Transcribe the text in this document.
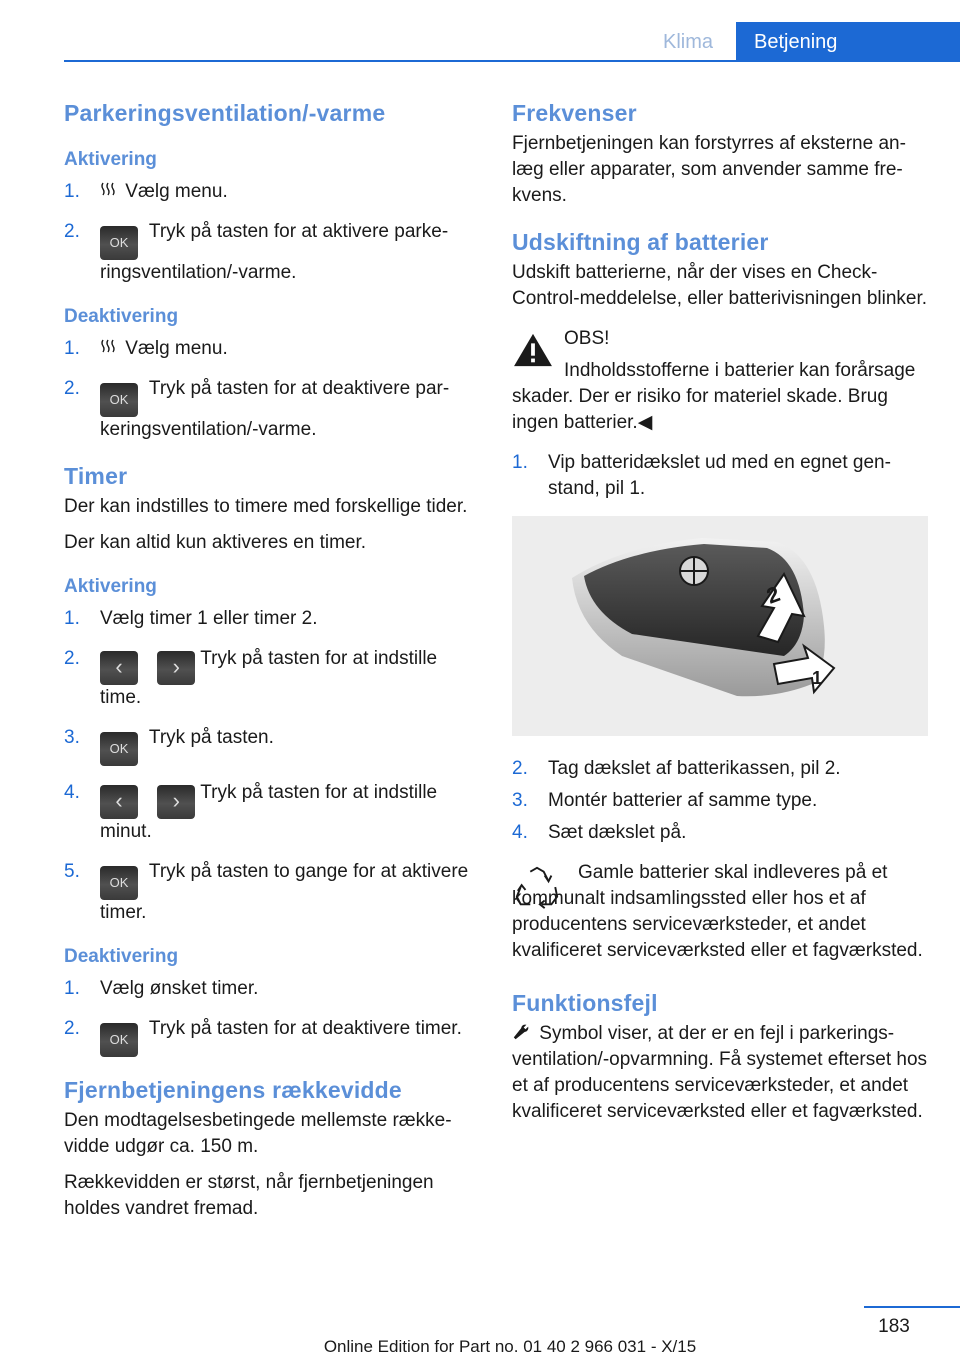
Klima	Betjening
Parkeringsventilation/-varme
Aktivering
1. Vælg menu.
2.
OK Tryk på tasten for at aktivere parkeringsventilation/-varme.
Deaktivering
1. Vælg menu.
2.
OK Tryk på tasten for at deaktivere parkeringsventilation/-varme.
Timer

Der kan indstilles to timere med forskellige tider.

Der kan altid kun aktiveres en timer.

Aktivering
1. Vælg timer 1 eller timer 2.
2. ‹ › Tryk på tasten for at indstille time.
3.
OK Tryk på tasten.
4. ‹ › Tryk på tasten for at indstille minut.
5.
OK Tryk på tasten to gange for at aktivere timer.
Deaktivering
1. Vælg ønsket timer.
2.
OK Tryk på tasten for at deaktivere timer.
Fjernbetjeningens rækkevidde

Den modtagelsesbetingede mellemste rækkevidde udgør ca. 150 m.

Rækkevidden er størst, når fjernbetjeningen holdes vandret fremad.

Frekvenser

Fjernbetjeningen kan forstyrres af eksterne anlæg eller apparater, som anvender samme frekvens.

Udskiftning af batterier

Udskift batterierne, når der vises en Check-Control-meddelelse, eller batterivisningen blinker.

OBS!
Indholdsstofferne i batterier kan forårsage skader. Der er risiko for materiel skade. Brug ingen batterier.◀
1. Vip batteridækslet ud med en egnet genstand, pil 1.
2
1
2. Tag dækslet af batterikassen, pil 2.
3. Montér batterier af samme type.
4. Sæt dækslet på.
Gamle batterier skal indleveres på et kommunalt indsamlingssted eller hos et af producentens serviceværksteder, et andet kvalificeret serviceværksted eller et fagværksted.
Funktionsfejl

Symbol viser, at der er en fejl i parkeringsventilation/-opvarmning. Få systemet efterset hos et af producentens serviceværksteder, et andet kvalificeret serviceværksted eller et fagværksted.

183
Online Edition for Part no. 01 40 2 966 031 - X/15
